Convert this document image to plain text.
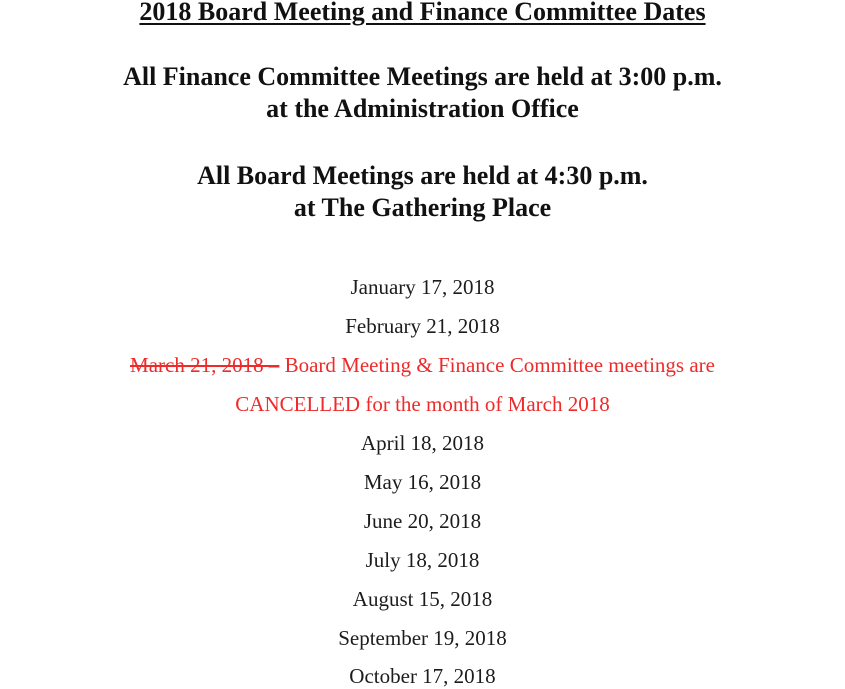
2018 Board Meeting and Finance Committee Dates
All Finance Committee Meetings are held at 3:00 p.m.
at the Administration Office
All Board Meetings are held at 4:30 p.m.
at The Gathering Place
January 17, 2018
February 21, 2018
March 21, 2018 – Board Meeting & Finance Committee meetings are
CANCELLED for the month of March 2018
April 18, 2018
May 16, 2018
June 20, 2018
July 18, 2018
August 15, 2018
September 19, 2018
October 17, 2018
